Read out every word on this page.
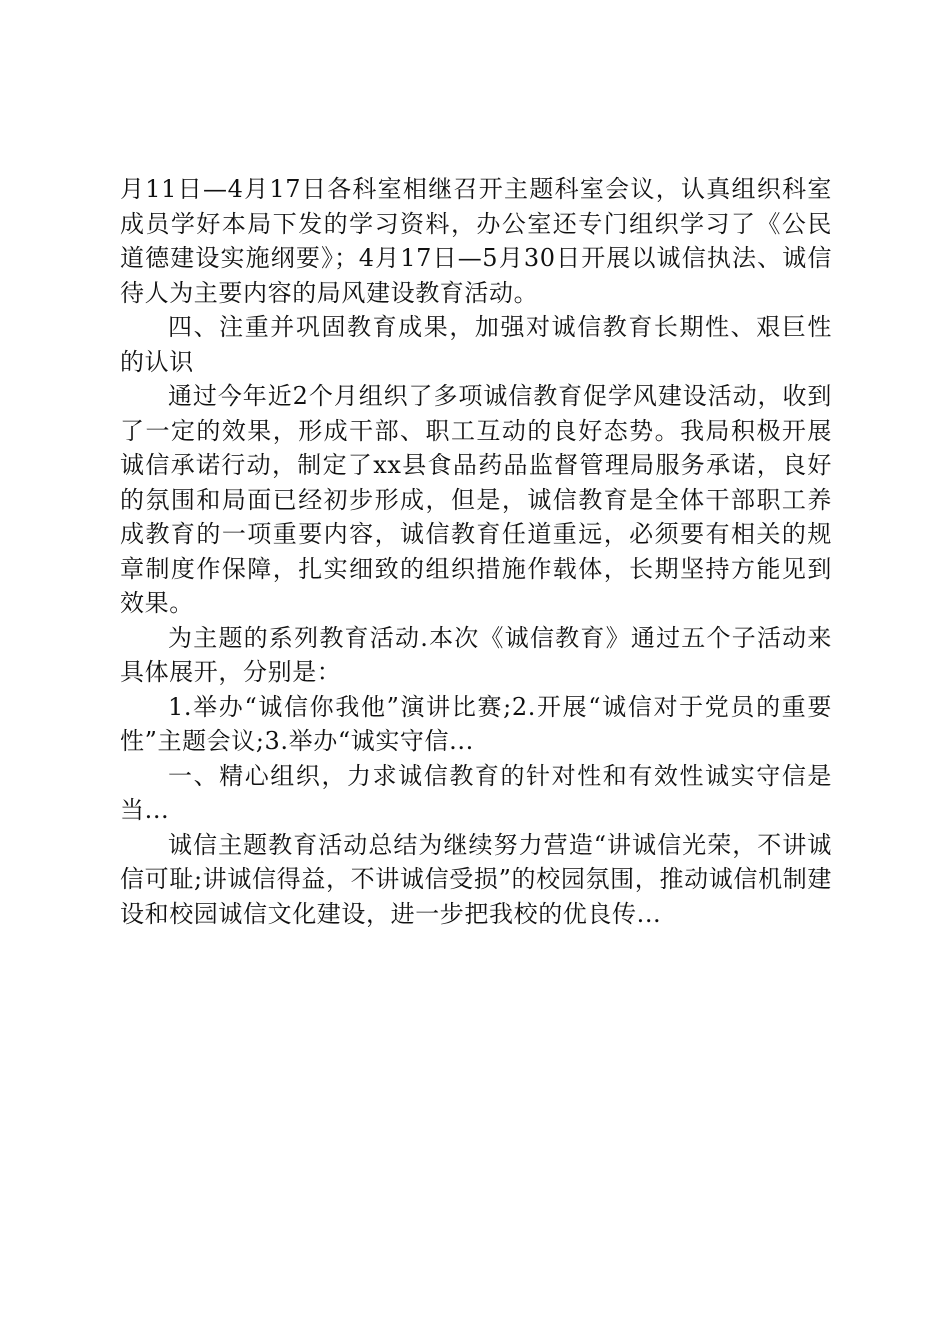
月11日—4月17日各科室相继召开主题科室会议，认真组织科室成员学好本局下发的学习资料，办公室还专门组织学习了《公民道德建设实施纲要》；4月17日—5月30日开展以诚信执法、诚信待人为主要内容的局风建设教育活动。

四、注重并巩固教育成果，加强对诚信教育长期性、艰巨性的认识

通过今年近2个月组织了多项诚信教育促学风建设活动，收到了一定的效果，形成干部、职工互动的良好态势。我局积极开展诚信承诺行动，制定了xx县食品药品监督管理局服务承诺，良好的氛围和局面已经初步形成，但是，诚信教育是全体干部职工养成教育的一项重要内容，诚信教育任道重远，必须要有相关的规章制度作保障，扎实细致的组织措施作载体，长期坚持方能见到效果。

为主题的系列教育活动.本次《诚信教育》通过五个子活动来具体展开，分别是：

1.举办“诚信你我他”演讲比赛;2.开展“诚信对于党员的重要性”主题会议;3.举办“诚实守信...

一、精心组织，力求诚信教育的针对性和有效性诚实守信是当...

诚信主题教育活动总结为继续努力营造“讲诚信光荣，不讲诚信可耻;讲诚信得益，不讲诚信受损”的校园氛围，推动诚信机制建设和校园诚信文化建设，进一步把我校的优良传...
